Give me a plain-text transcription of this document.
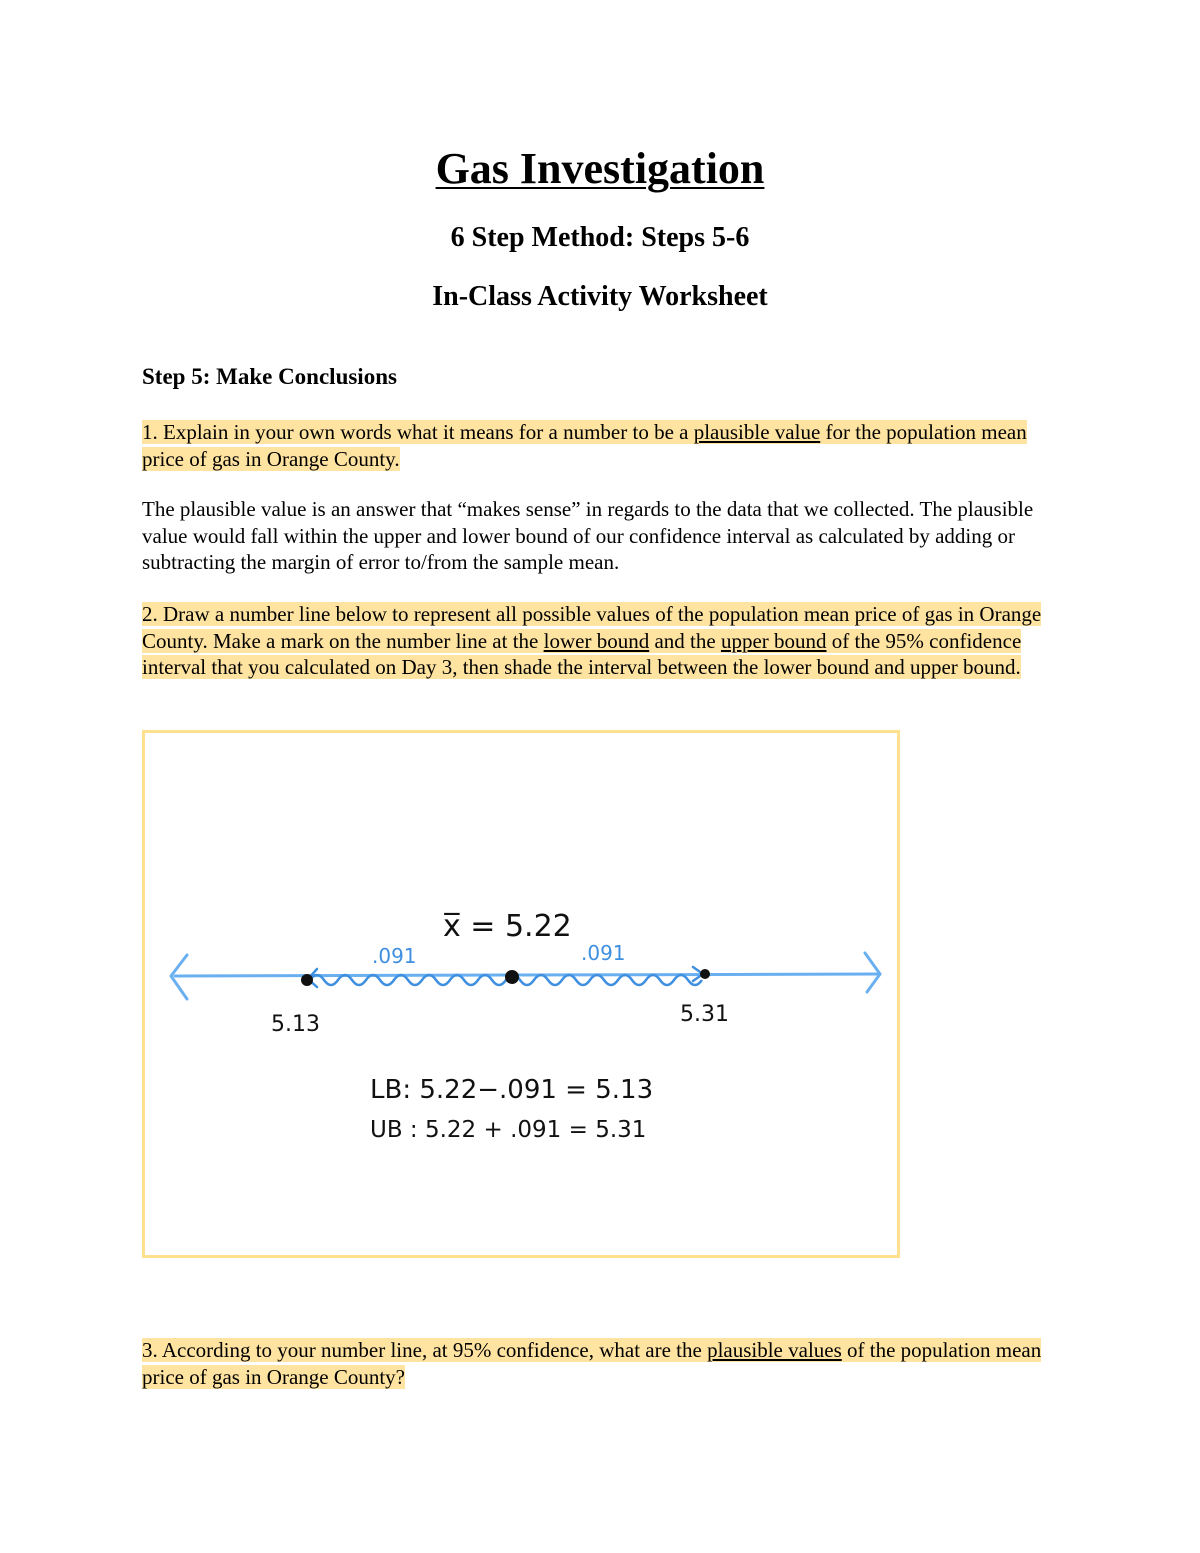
Gas Investigation
6 Step Method: Steps 5-6
In-Class Activity Worksheet
Step 5: Make Conclusions
1. Explain in your own words what it means for a number to be a plausible value for the population mean price of gas in Orange County.
The plausible value is an answer that “makes sense” in regards to the data that we collected. The plausible value would fall within the upper and lower bound of our confidence interval as calculated by adding or subtracting the margin of error to/from the sample mean.
2. Draw a number line below to represent all possible values of the population mean price of gas in Orange County. Make a mark on the number line at the lower bound and the upper bound of the 95% confidence interval that you calculated on Day 3, then shade the interval between the lower bound and upper bound.
x̅ = 5.22
.091	.091
5.13	5.31
LB: 5.22−.091 = 5.13
UB : 5.22 + .091 = 5.31
3. According to your number line, at 95% confidence, what are the plausible values of the population mean price of gas in Orange County?
